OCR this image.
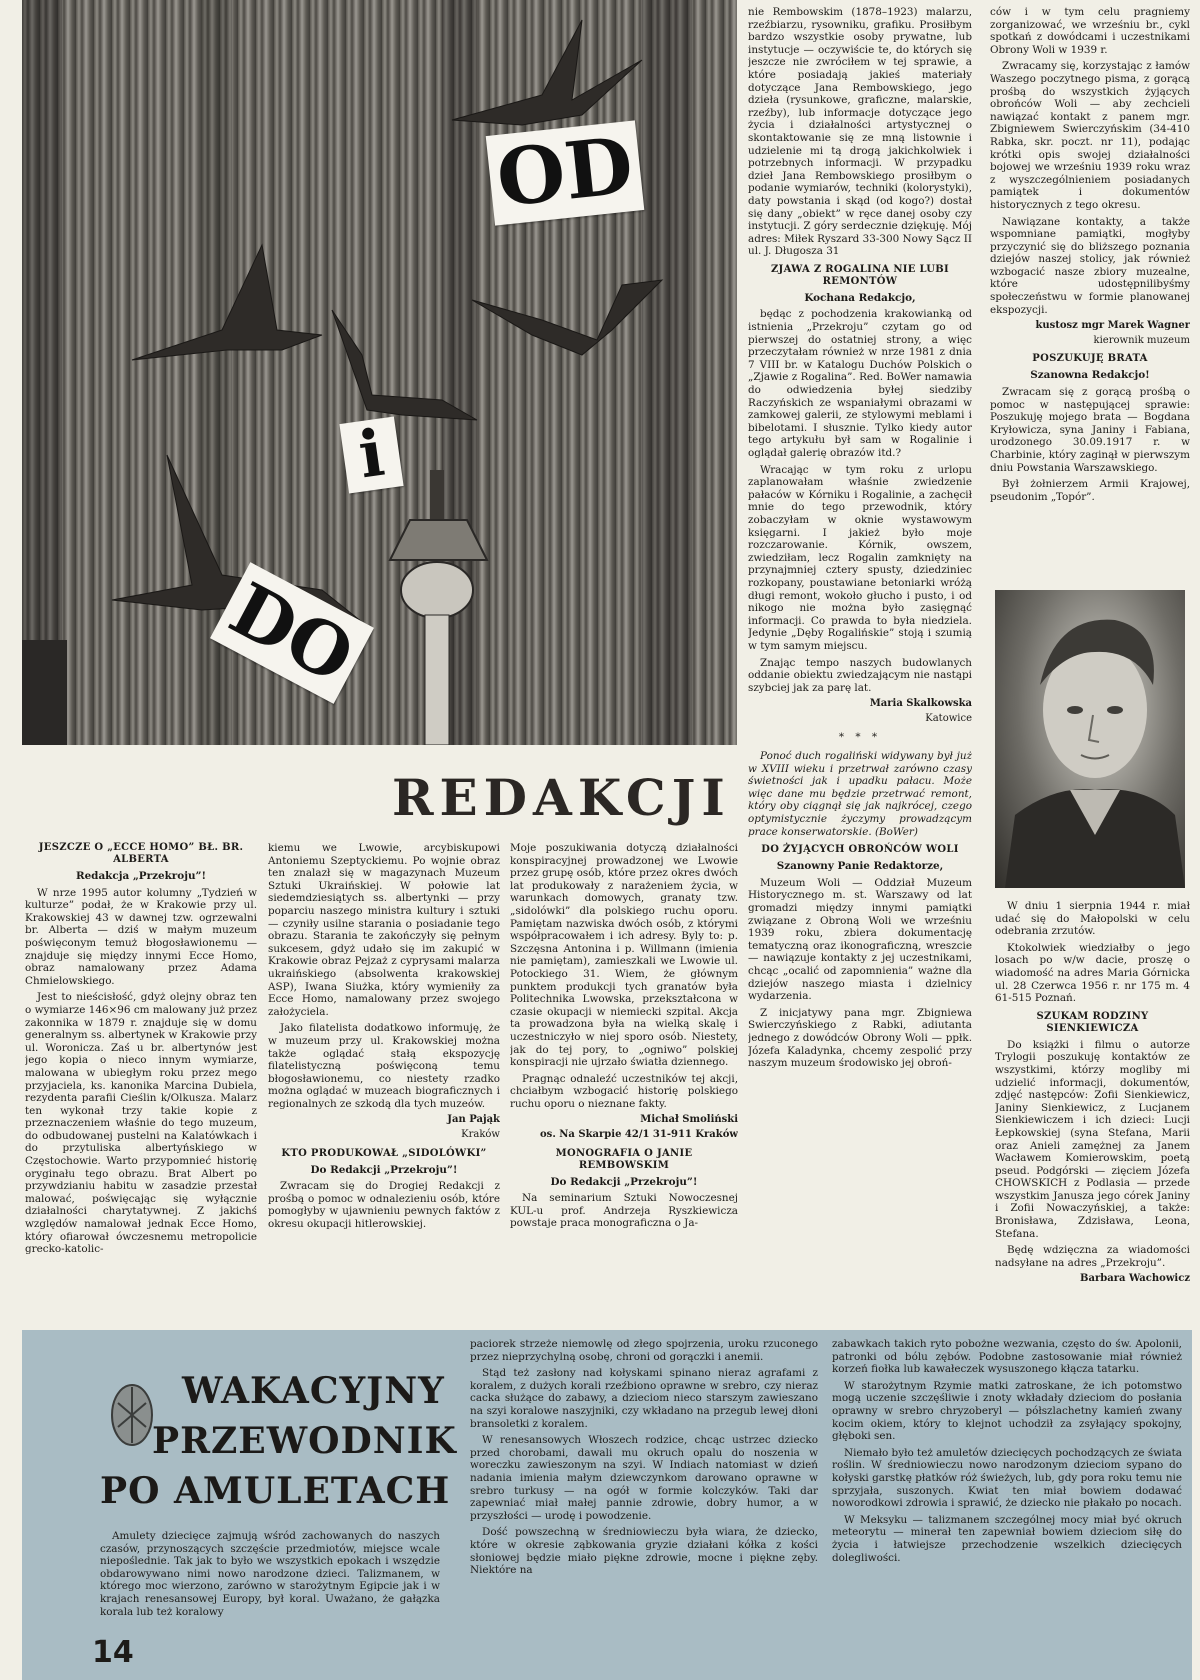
OD
i
DO
REDAKCJI

nie Rembowskim (1878–1923) malarzu, rzeźbiarzu, rysowniku, grafiku. Prosiłbym bardzo wszystkie osoby prywatne, lub instytucje — oczywiście te, do których się jeszcze nie zwróciłem w tej sprawie, a które posiadają jakieś materiały dotyczące Jana Rembowskiego, jego dzieła (rysunkowe, graficzne, malarskie, rzeźby), lub informacje dotyczące jego życia i działalności artystycznej o skontaktowanie się ze mną listownie i udzielenie mi tą drogą jakichkolwiek i potrzebnych informacji. W przypadku dzieł Jana Rembowskiego prosiłbym o podanie wymiarów, techniki (kolorystyki), daty powstania i skąd (od kogo?) dostał się dany „obiekt” w ręce danej osoby czy instytucji. Z góry serdecznie dziękuję. Mój adres: Miłek Ryszard 33-300 Nowy Sącz II ul. J. Długosza 31

ZJAWA Z ROGALINA NIE LUBI REMONTÓW
Kochana Redakcjo,

będąc z pochodzenia krakowianką od istnienia „Przekroju” czytam go od pierwszej do ostatniej strony, a więc przeczytałam również w nrze 1981 z dnia 7 VIII br. w Katalogu Duchów Polskich o „Zjawie z Rogalina”. Red. BoWer namawia do odwiedzenia byłej siedziby Raczyńskich ze wspaniałymi obrazami w zamkowej galerii, ze stylowymi meblami i bibelotami. I słusznie. Tylko kiedy autor tego artykułu był sam w Rogalinie i oglądał galerię obrazów itd.?

Wracając w tym roku z urlopu zaplanowałam właśnie zwiedzenie pałaców w Kórniku i Rogalinie, a zachęcił mnie do tego przewodnik, który zobaczyłam w oknie wystawowym księgarni. I jakież było moje rozczarowanie. Kórnik, owszem, zwiedziłam, lecz Rogalin zamknięty na przynajmniej cztery spusty, dziedziniec rozkopany, poustawiane betoniarki wróżą długi remont, wokoło głucho i pusto, i od nikogo nie można było zasięgnąć informacji. Co prawda to była niedziela. Jedynie „Dęby Rogalińskie” stoją i szumią w tym samym miejscu.

Znając tempo naszych budowlanych oddanie obiektu zwiedzającym nie nastąpi szybciej jak za parę lat.

Maria Skalkowska
Katowice
* * *

Ponoć duch rogaliński widywany był już w XVIII wieku i przetrwał zarówno czasy świetności jak i upadku pałacu. Może więc dane mu będzie przetrwać remont, który oby ciągnął się jak najkrócej, czego optymistycznie życzymy prowadzącym prace konserwatorskie. (BoWer)

DO ŻYJĄCYCH OBROŃCÓW WOLI
Szanowny Panie Redaktorze,

Muzeum Woli — Oddział Muzeum Historycznego m. st. Warszawy od lat gromadzi między innymi pamiątki związane z Obroną Woli we wrześniu 1939 roku, zbiera dokumentację tematyczną oraz ikonograficzną, wreszcie — nawiązuje kontakty z jej uczestnikami, chcąc „ocalić od zapomnienia” ważne dla dziejów naszego miasta i dzielnicy wydarzenia.

Z inicjatywy pana mgr. Zbigniewa Swierczyńskiego z Rabki, adiutanta jednego z dowódców Obrony Woli — ppłk. Józefa Kaladynka, chcemy zespolić przy naszym muzeum środowisko jej obroń-

ców i w tym celu pragniemy zorganizować, we wrześniu br., cykl spotkań z dowódcami i uczestnikami Obrony Woli w 1939 r.

Zwracamy się, korzystając z łamów Waszego poczytnego pisma, z gorącą prośbą do wszystkich żyjących obrońców Woli — aby zechcieli nawiązać kontakt z panem mgr. Zbigniewem Swierczyńskim (34-410 Rabka, skr. poczt. nr 11), podając krótki opis swojej działalności bojowej we wrześniu 1939 roku wraz z wyszczególnieniem posiadanych pamiątek i dokumentów historycznych z tego okresu.

Nawiązane kontakty, a także wspomniane pamiątki, mogłyby przyczynić się do bliższego poznania dziejów naszej stolicy, jak również wzbogacić nasze zbiory muzealne, które udostępnilibyśmy społeczeństwu w formie planowanej ekspozycji.

kustosz mgr Marek Wagner
kierownik muzeum
POSZUKUJĘ BRATA
Szanowna Redakcjo!

Zwracam się z gorącą prośbą o pomoc w następującej sprawie: Poszukuję mojego brata — Bogdana Kryłowicza, syna Janiny i Fabiana, urodzonego 30.09.1917 r. w Charbinie, który zaginął w pierwszym dniu Powstania Warszawskiego.

Był żołnierzem Armii Krajowej, pseudonim „Topór”.

W dniu 1 sierpnia 1944 r. miał udać się do Małopolski w celu odebrania zrzutów.

Ktokolwiek wiedziałby o jego losach po w/w dacie, proszę o wiadomość na adres Maria Górnicka ul. 28 Czerwca 1956 r. nr 175 m. 4 61-515 Poznań.

SZUKAM RODZINY SIENKIEWICZA

Do książki i filmu o autorze Trylogii poszukuję kontaktów ze wszystkimi, którzy mogliby mi udzielić informacji, dokumentów, zdjęć następców: Zofii Sienkiewicz, Janiny Sienkiewicz, z Lucjanem Sienkiewiczem i ich dzieci: Lucji Łepkowskiej (syna Stefana, Marii oraz Anieli zamężnej za Janem Wacławem Komierowskim, poetą pseud. Podgórski — zięciem Józefa CHOWSKICH z Podlasia — przede wszystkim Janusza jego córek Janiny i Zofii Nowaczyńskiej, a także: Bronisława, Zdzisława, Leona, Stefana.

Będę wdzięczna za wiadomości nadsyłane na adres „Przekroju”.

Barbara Wachowicz
JESZCZE O „ECCE HOMO” BŁ. BR. ALBERTA
Redakcja „Przekroju”!

W nrze 1995 autor kolumny „Tydzień w kulturze” podał, że w Krakowie przy ul. Krakowskiej 43 w dawnej tzw. ogrzewalni br. Alberta — dziś w małym muzeum poświęconym temuż błogosławionemu — znajduje się między innymi Ecce Homo, obraz namalowany przez Adama Chmielowskiego.

Jest to nieścisłość, gdyż olejny obraz ten o wymiarze 146×96 cm malowany już przez zakonnika w 1879 r. znajduje się w domu generalnym ss. albertynek w Krakowie przy ul. Woronicza. Zaś u br. albertynów jest jego kopia o nieco innym wymiarze, malowana w ubiegłym roku przez mego przyjaciela, ks. kanonika Marcina Dubiela, rezydenta parafii Cieślin k/Olkusza. Malarz ten wykonał trzy takie kopie z przeznaczeniem właśnie do tego muzeum, do odbudowanej pustelni na Kalatówkach i do przytuliska albertyńskiego w Częstochowie. Warto przypomnieć historię oryginału tego obrazu. Brat Albert po przywdzianiu habitu w zasadzie przestał malować, poświęcając się wyłącznie działalności charytatywnej. Z jakichś względów namalował jednak Ecce Homo, który ofiarował ówczesnemu metropolicie grecko-katolic-

kiemu we Lwowie, arcybiskupowi Antoniemu Szeptyckiemu. Po wojnie obraz ten znalazł się w magazynach Muzeum Sztuki Ukraińskiej. W połowie lat siedemdziesiątych ss. albertynki — przy poparciu naszego ministra kultury i sztuki — czyniły usilne starania o posiadanie tego obrazu. Starania te zakończyły się pełnym sukcesem, gdyż udało się im zakupić w Krakowie obraz Pejzaż z cyprysami malarza ukraińskiego (absolwenta krakowskiej ASP), Iwana Siużka, który wymieniły za Ecce Homo, namalowany przez swojego założyciela.

Jako filatelista dodatkowo informuję, że w muzeum przy ul. Krakowskiej można także oglądać stałą ekspozycję filatelistyczną poświęconą temu błogosławionemu, co niestety rzadko można oglądać w muzeach biograficznych i regionalnych ze szkodą dla tych muzeów.

Jan Pająk
Kraków
KTO PRODUKOWAŁ „SIDOLÓWKI”
Do Redakcji „Przekroju”!

Zwracam się do Drogiej Redakcji z prośbą o pomoc w odnalezieniu osób, które pomogłyby w ujawnieniu pewnych faktów z okresu okupacji hitlerowskiej.

Moje poszukiwania dotyczą działalności konspiracyjnej prowadzonej we Lwowie przez grupę osób, które przez okres dwóch lat produkowały z narażeniem życia, w warunkach domowych, granaty tzw. „sidolówki” dla polskiego ruchu oporu. Pamiętam nazwiska dwóch osób, z którymi współpracowałem i ich adresy. Byly to: p. Szczęsna Antonina i p. Willmann (imienia nie pamiętam), zamieszkali we Lwowie ul. Potockiego 31. Wiem, że głównym punktem produkcji tych granatów była Politechnika Lwowska, przekształcona w czasie okupacji w niemiecki szpital. Akcja ta prowadzona była na wielką skalę i uczestniczyło w niej sporo osób. Niestety, jak do tej pory, to „ogniwo” polskiej konspiracji nie ujrzało światła dziennego.

Pragnąc odnaleźć uczestników tej akcji, chciałbym wzbogacić historię polskiego ruchu oporu o nieznane fakty.

Michał Smoliński
os. Na Skarpie 42/1 31-911 Kraków
MONOGRAFIA O JANIE REMBOWSKIM
Do Redakcji „Przekroju”!

Na seminarium Sztuki Nowoczesnej KUL-u prof. Andrzeja Ryszkiewicza powstaje praca monograficzna o Ja-

WAKACYJNY
PRZEWODNIK
PO AMULETACH

Amulety dziecięce zajmują wśród zachowanych do naszych czasów, przynoszących szczęście przedmiotów, miejsce wcale niepoślednie. Tak jak to było we wszystkich epokach i wszędzie obdarowywano nimi nowo narodzone dzieci. Talizmanem, w którego moc wierzono, zarówno w starożytnym Egipcie jak i w krajach renesansowej Europy, był koral. Uważano, że gałązka korala lub też koralowy

paciorek strzeże niemowlę od złego spojrzenia, uroku rzuconego przez nieprzychylną osobę, chroni od gorączki i anemii.

Stąd też zasłony nad kołyskami spinano nieraz agrafami z koralem, z dużych korali rzeźbiono oprawne w srebro, czy nieraz cacka służące do zabawy, a dzieciom nieco starszym zawieszano na szyi koralowe naszyjniki, czy wkładano na przegub lewej dłoni bransoletki z koralem.

W renesansowych Włoszech rodzice, chcąc ustrzec dziecko przed chorobami, dawali mu okruch opalu do noszenia w woreczku zawieszonym na szyi. W Indiach natomiast w dzień nadania imienia małym dziewczynkom darowano oprawne w srebro turkusy — na ogół w formie kolczyków. Taki dar zapewniać miał małej pannie zdrowie, dobry humor, a w przyszłości — urodę i powodzenie.

Dość powszechną w średniowieczu była wiara, że dziecko, które w okresie ząbkowania gryzie działani kółka z kości słoniowej będzie miało piękne zdrowie, mocne i piękne zęby. Niektóre na

zabawkach takich ryto pobożne wezwania, często do św. Apolonii, patronki od bólu zębów. Podobne zastosowanie miał również korzeń fiołka lub kawałeczek wysuszonego kłącza tatarku.

W starożytnym Rzymie matki zatroskane, że ich potomstwo mogą uczenie szczęśliwie i znoty wkładały dzieciom do posłania oprawny w srebro chryzoberyl — półszlachetny kamień zwany kocim okiem, który to klejnot uchodził za zsyłający spokojny, głęboki sen.

Niemało było też amuletów dziecięcych pochodzących ze świata roślin. W średniowieczu nowo narodzonym dzieciom sypano do kołyski garstkę płatków róż świeżych, lub, gdy pora roku temu nie sprzyjała, suszonych. Kwiat ten miał bowiem dodawać noworodkowi zdrowia i sprawić, że dziecko nie płakało po nocach.

W Meksyku — talizmanem szczególnej mocy miał być okruch meteorytu — minerał ten zapewniał bowiem dzieciom siłę do życia i łatwiejsze przechodzenie wszelkich dziecięcych dolegliwości.

14
